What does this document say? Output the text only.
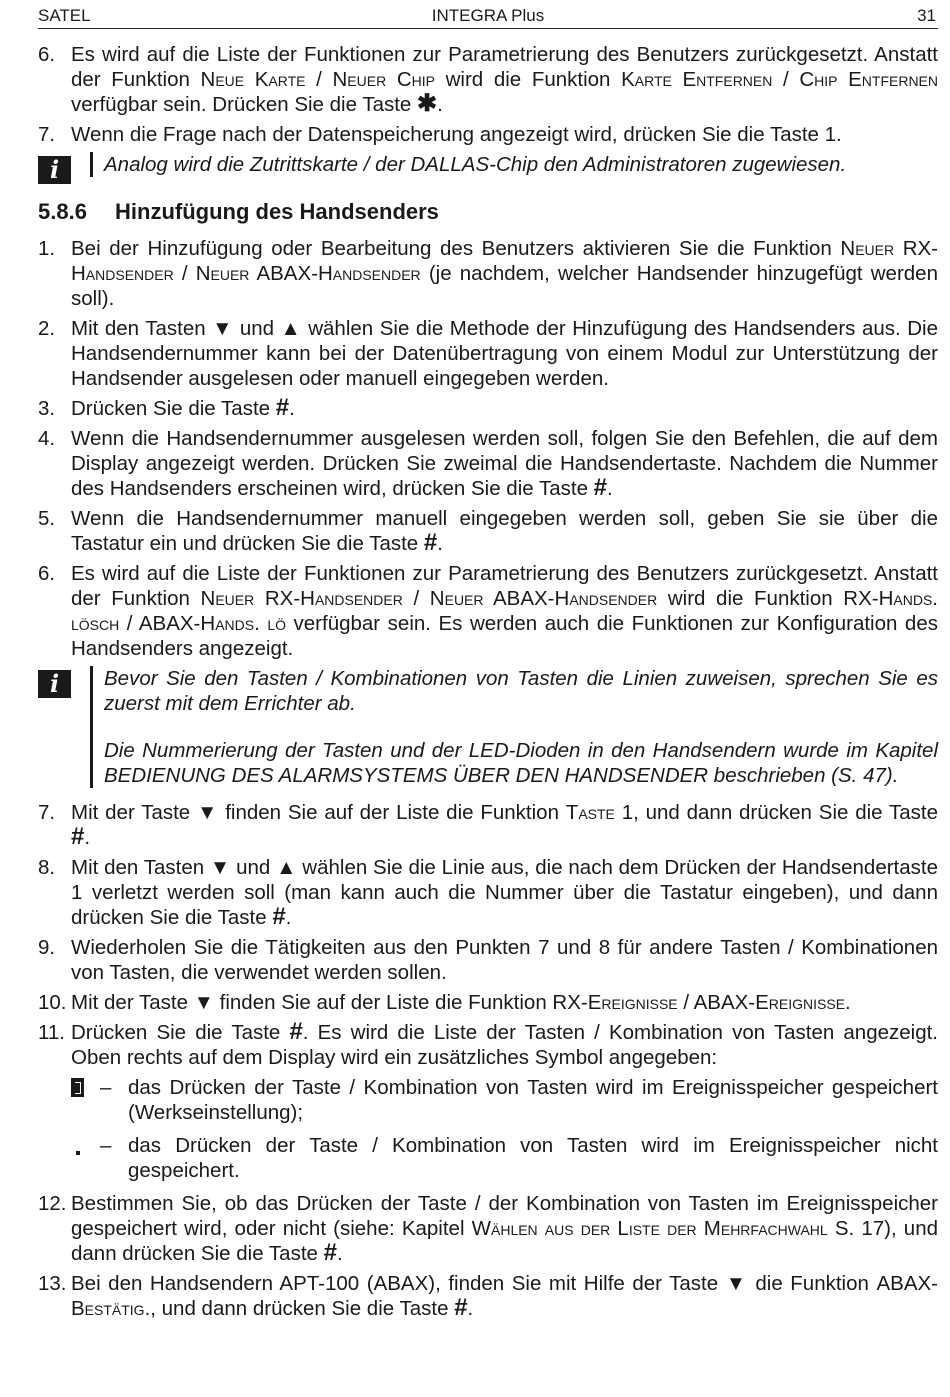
SATEL	INTEGRA Plus	31
6. Es wird auf die Liste der Funktionen zur Parametrierung des Benutzers zurückgesetzt. Anstatt der Funktion Neue Karte / Neuer Chip wird die Funktion Karte Entfernen / Chip Entfernen verfügbar sein. Drücken Sie die Taste ✱.
7. Wenn die Frage nach der Datenspeicherung angezeigt wird, drücken Sie die Taste 1.
i	Analog wird die Zutrittskarte / der DALLAS-Chip den Administratoren zugewiesen.

5.8.6 Hinzufügung des Handsenders
1. Bei der Hinzufügung oder Bearbeitung des Benutzers aktivieren Sie die Funktion Neuer RX-Handsender / Neuer ABAX-Handsender (je nachdem, welcher Handsender hinzugefügt werden soll).
2. Mit den Tasten ▼ und ▲ wählen Sie die Methode der Hinzufügung des Handsenders aus. Die Handsendernummer kann bei der Datenübertragung von einem Modul zur Unterstützung der Handsender ausgelesen oder manuell eingegeben werden.
3. Drücken Sie die Taste #.
4. Wenn die Handsendernummer ausgelesen werden soll, folgen Sie den Befehlen, die auf dem Display angezeigt werden. Drücken Sie zweimal die Handsendertaste. Nachdem die Nummer des Handsenders erscheinen wird, drücken Sie die Taste #.
5. Wenn die Handsendernummer manuell eingegeben werden soll, geben Sie sie über die Tastatur ein und drücken Sie die Taste #.
6. Es wird auf die Liste der Funktionen zur Parametrierung des Benutzers zurückgesetzt. Anstatt der Funktion Neuer RX-Handsender / Neuer ABAX-Handsender wird die Funktion RX-Hands. lösch / ABAX-Hands. lö verfügbar sein. Es werden auch die Funktionen zur Konfiguration des Handsenders angezeigt.
i	Bevor Sie den Tasten / Kombinationen von Tasten die Linien zuweisen, sprechen Sie es zuerst mit dem Errichter ab.

Die Nummerierung der Tasten und der LED-Dioden in den Handsendern wurde im Kapitel BEDIENUNG DES ALARMSYSTEMS ÜBER DEN HANDSENDER beschrieben (S. 47).

7. Mit der Taste ▼ finden Sie auf der Liste die Funktion Taste 1, und dann drücken Sie die Taste #.
8. Mit den Tasten ▼ und ▲ wählen Sie die Linie aus, die nach dem Drücken der Handsendertaste 1 verletzt werden soll (man kann auch die Nummer über die Tastatur eingeben), und dann drücken Sie die Taste #.
9. Wiederholen Sie die Tätigkeiten aus den Punkten 7 und 8 für andere Tasten / Kombinationen von Tasten, die verwendet werden sollen.
10. Mit der Taste ▼ finden Sie auf der Liste die Funktion RX-Ereignisse / ABAX-Ereignisse.
11. Drücken Sie die Taste #. Es wird die Liste der Tasten / Kombination von Tasten angezeigt. Oben rechts auf dem Display wird ein zusätzliches Symbol angegeben:
– das Drücken der Taste / Kombination von Tasten wird im Ereignisspeicher gespeichert (Werkseinstellung);
– das Drücken der Taste / Kombination von Tasten wird im Ereignisspeicher nicht gespeichert.
12. Bestimmen Sie, ob das Drücken der Taste / der Kombination von Tasten im Ereignisspeicher gespeichert wird, oder nicht (siehe: Kapitel Wählen aus der Liste der Mehrfachwahl S. 17), und dann drücken Sie die Taste #.
13. Bei den Handsendern APT-100 (ABAX), finden Sie mit Hilfe der Taste ▼ die Funktion ABAX-Bestätig., und dann drücken Sie die Taste #.
